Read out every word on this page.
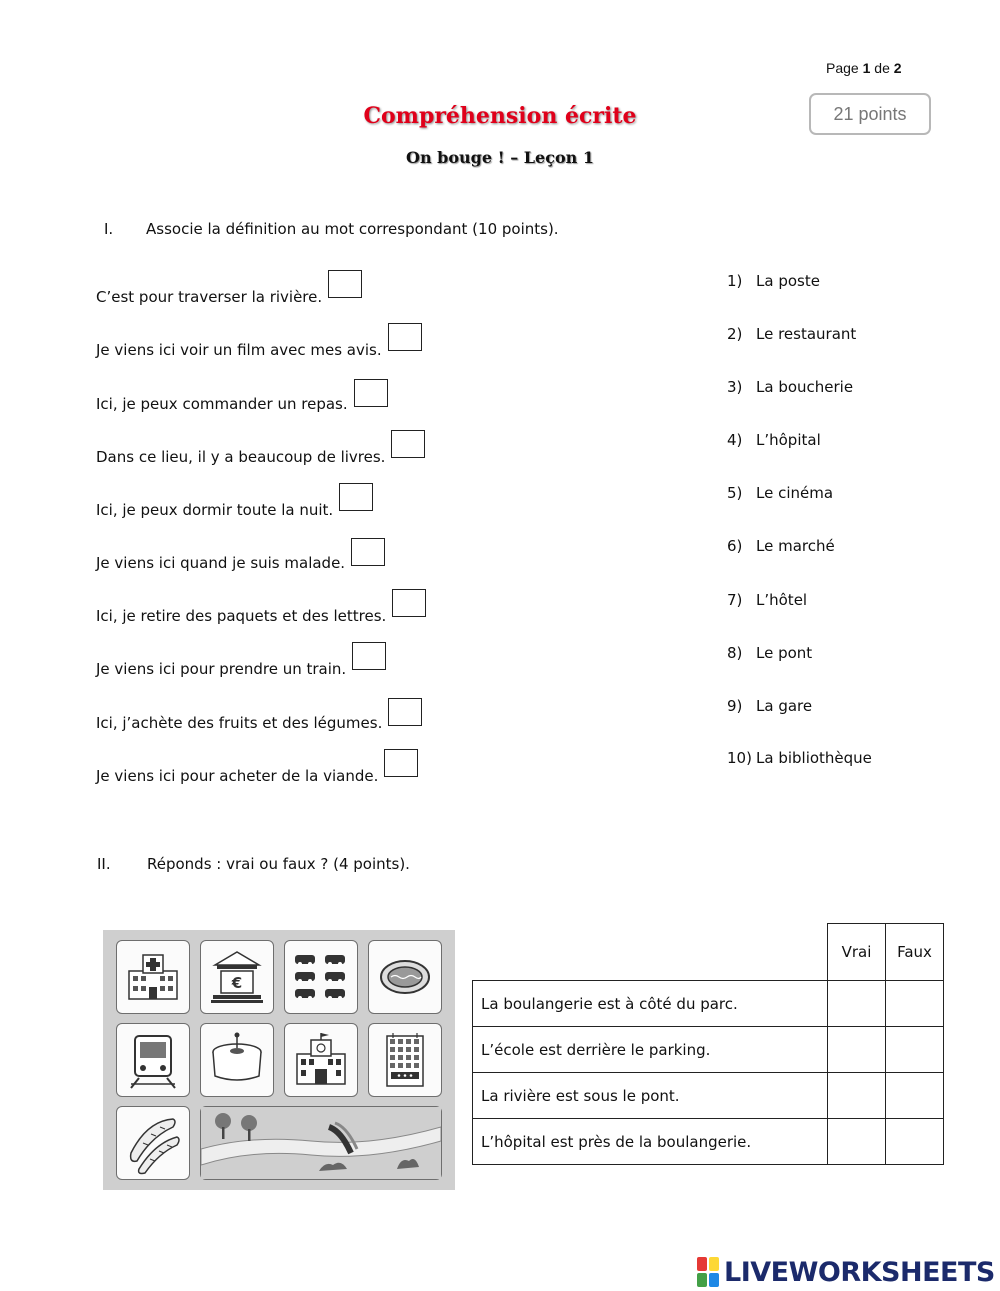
Page 1 de 2
21 points
Compréhension écrite
On bouge ! – Leçon 1
I. Associe la définition au mot correspondant (10 points).
C’est pour traverser la rivière.
Je viens ici voir un film avec mes avis.
Ici, je peux commander un repas.
Dans ce lieu, il y a beaucoup de livres.
Ici, je peux dormir toute la nuit.
Je viens ici quand je suis malade.
Ici, je retire des paquets et des lettres.
Je viens ici pour prendre un train.
Ici, j’achète des fruits et des légumes.
Je viens ici pour acheter de la viande.
1) La poste
2) Le restaurant
3) La boucherie
4) L’hôpital
5) Le cinéma
6) Le marché
7) L’hôtel
8) Le pont
9) La gare
10) La bibliothèque
II. Réponds : vrai ou faux ? (4 points).
€
	Vrai	Faux
La boulangerie est à côté du parc.		
L’école est derrière le parking.		
La rivière est sous le pont.		
L’hôpital est près de la boulangerie.		
LIVEWORKSHEETS
